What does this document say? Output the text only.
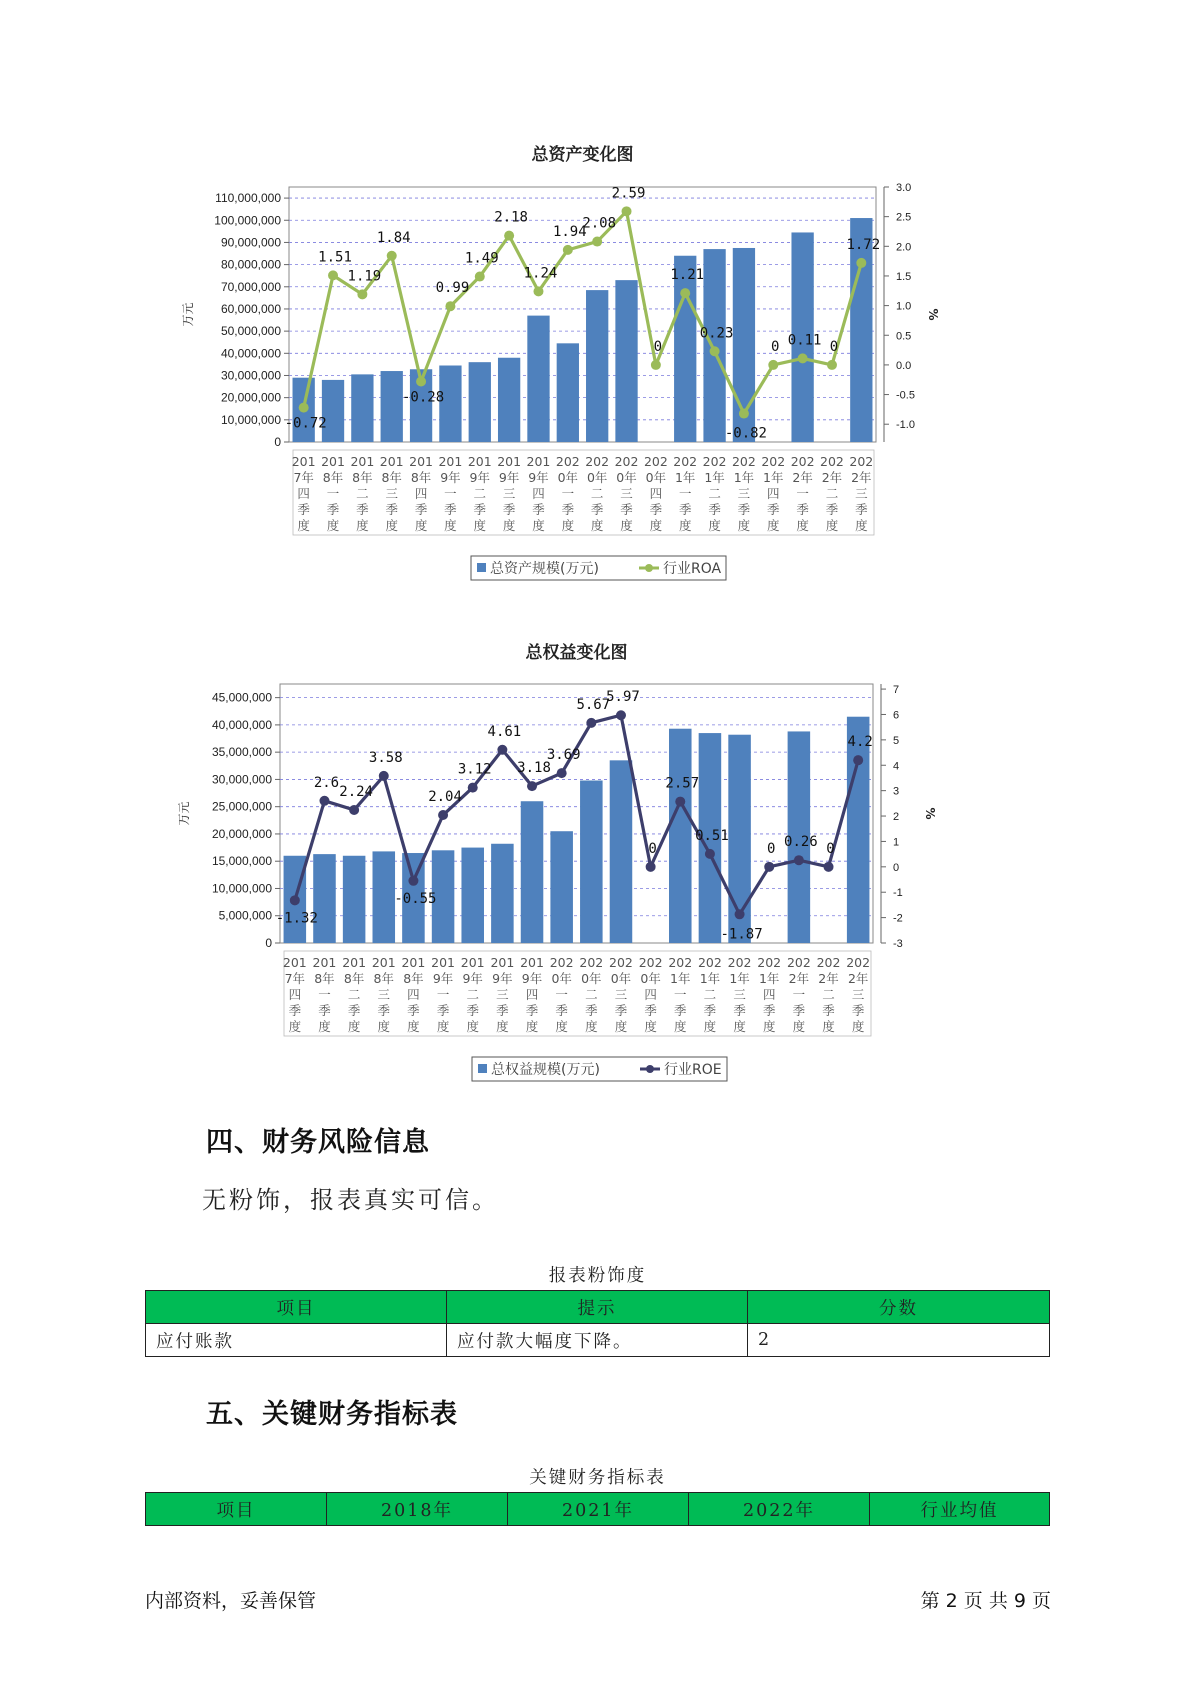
总资产变化图
0
10,000,000
20,000,000
30,000,000
40,000,000
50,000,000
60,000,000
70,000,000
80,000,000
90,000,000
100,000,000
110,000,000
-1.0
-0.5
0.0
0.5
1.0
1.5
2.0
2.5
3.0
万元	%
201
7年
四
季
度
201
8年
一
季
度
201
8年
二
季
度
201
8年
三
季
度
201
8年
四
季
度
201
9年
一
季
度
201
9年
二
季
度
201
9年
三
季
度
201
9年
四
季
度
202
0年
一
季
度
202
0年
二
季
度
202
0年
三
季
度
202
0年
四
季
度
202
1年
一
季
度
202
1年
二
季
度
202
1年
三
季
度
202
1年
四
季
度
202
2年
一
季
度
202
2年
二
季
度
202
2年
三
季
度
-0.72
1.51
1.19
1.84
-0.28
0.99
1.49
2.18
1.24
1.94
2.08
2.59
0
1.21
0.23
-0.82
0 0.11 0
1.72
总资产规模(万元)	行业ROA
总权益变化图
0
5,000,000
10,000,000
15,000,000
20,000,000
25,000,000
30,000,000
35,000,000
40,000,000
45,000,000
-3
-2
-1
0
1
2
3
4
5
6
7
万元	%
201
7年
四
季
度
201
8年
一
季
度
201
8年
二
季
度
201
8年
三
季
度
201
8年
四
季
度
201
9年
一
季
度
201
9年
二
季
度
201
9年
三
季
度
201
9年
四
季
度
202
0年
一
季
度
202
0年
二
季
度
202
0年
三
季
度
202
0年
四
季
度
202
1年
一
季
度
202
1年
二
季
度
202
1年
三
季
度
202
1年
四
季
度
202
2年
一
季
度
202
2年
二
季
度
202
2年
三
季
度
-1.32
2.6
2.24
3.58
-0.55
2.04
3.12
4.61
3.18
3.69
5.67
5.97
0
2.57
0.51
-1.87
0 0.26 0
4.2
总权益规模(万元)	行业ROE
四、财务风险信息
无粉饰，报表真实可信。
报表粉饰度
项目	提示	分数
应付账款	应付款大幅度下降。	2
五、关键财务指标表
关键财务指标表
项目	2018年	2021年	2022年	行业均值
内部资料，妥善保管	第 2 页 共 9 页
